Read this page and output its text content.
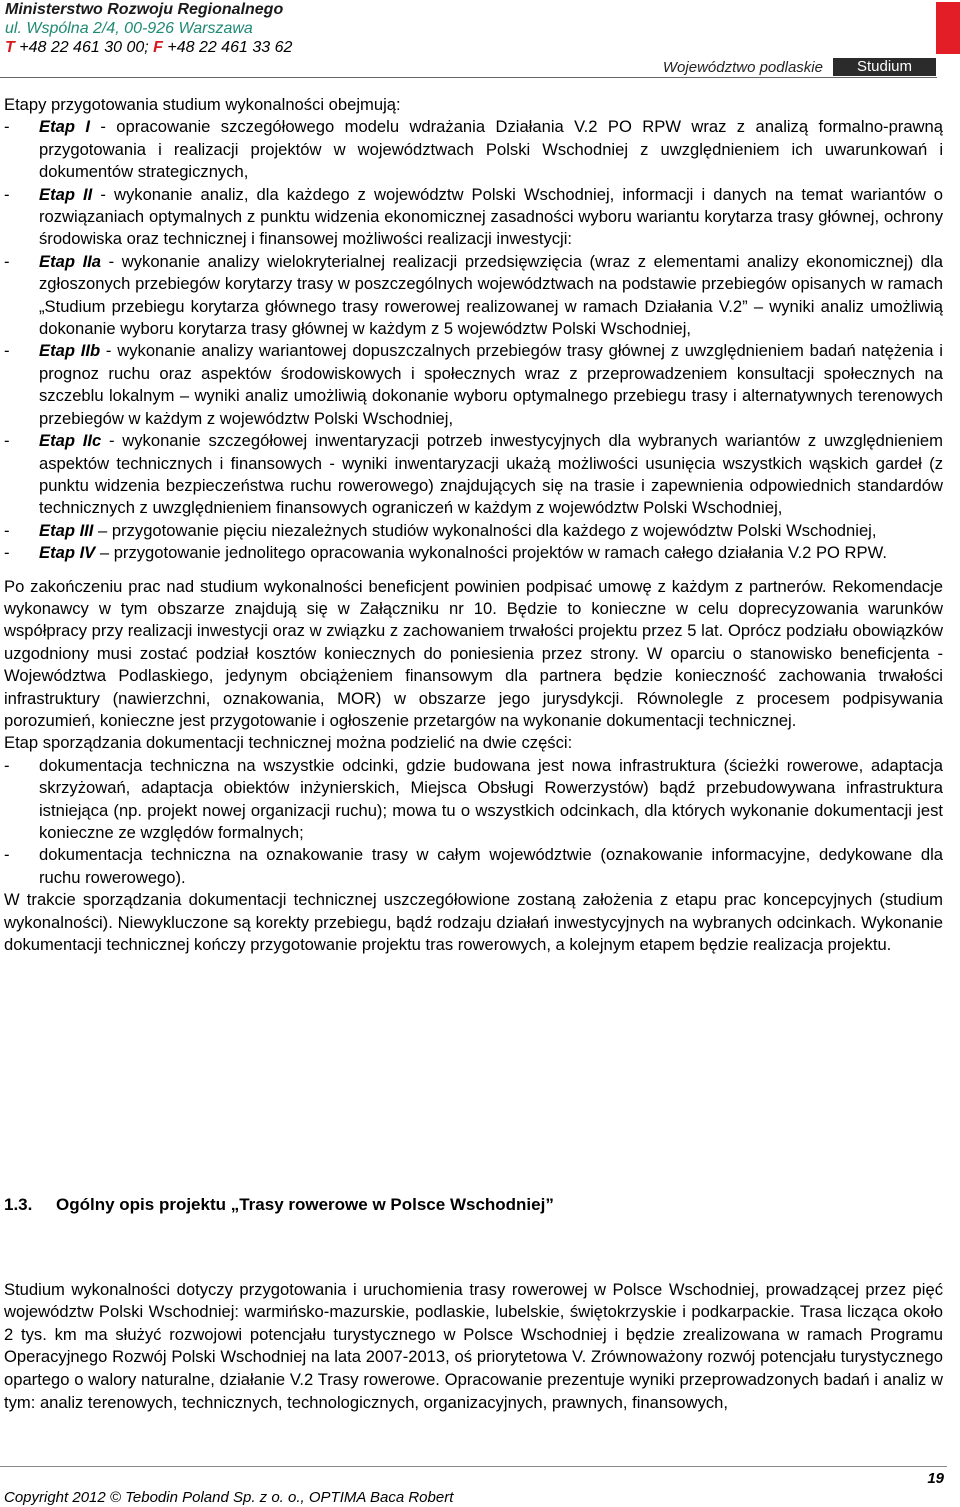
Ministerstwo Rozwoju Regionalnego
ul. Wspólna 2/4, 00-926 Warszawa
T +48 22 461 30 00; F +48 22 461 33 62
Województwo podlaskie	Studium

Etapy przygotowania studium wykonalności obejmują:

-	Etap I - opracowanie szczegółowego modelu wdrażania Działania V.2 PO RPW wraz z analizą formalno-prawną przygotowania i realizacji projektów w województwach Polski Wschodniej z uwzględnieniem ich uwarunkowań i dokumentów strategicznych,
-	Etap II - wykonanie analiz, dla każdego z województw Polski Wschodniej, informacji i danych na temat wariantów o rozwiązaniach optymalnych z punktu widzenia ekonomicznej zasadności wyboru wariantu korytarza trasy głównej, ochrony środowiska oraz technicznej i finansowej możliwości realizacji inwestycji:
-	Etap IIa - wykonanie analizy wielokryterialnej realizacji przedsięwzięcia (wraz z elementami analizy ekonomicznej) dla zgłoszonych przebiegów korytarzy trasy w poszczególnych województwach na podstawie przebiegów opisanych w ramach „Studium przebiegu korytarza głównego trasy rowerowej realizowanej w ramach Działania V.2” – wyniki analiz umożliwią dokonanie wyboru korytarza trasy głównej w każdym z 5 województw Polski Wschodniej,
-	Etap IIb - wykonanie analizy wariantowej dopuszczalnych przebiegów trasy głównej z uwzględnieniem badań natężenia i prognoz ruchu oraz aspektów środowiskowych i społecznych wraz z przeprowadzeniem konsultacji społecznych na szczeblu lokalnym – wyniki analiz umożliwią dokonanie wyboru optymalnego przebiegu trasy i alternatywnych terenowych przebiegów w każdym z województw Polski Wschodniej,
-	Etap IIc - wykonanie szczegółowej inwentaryzacji potrzeb inwestycyjnych dla wybranych wariantów z uwzględnieniem aspektów technicznych i finansowych - wyniki inwentaryzacji ukażą możliwości usunięcia wszystkich wąskich gardeł (z punktu widzenia bezpieczeństwa ruchu rowerowego) znajdujących się na trasie i zapewnienia odpowiednich standardów technicznych z uwzględnieniem finansowych ograniczeń w każdym z województw Polski Wschodniej,
-	Etap III – przygotowanie pięciu niezależnych studiów wykonalności dla każdego z województw Polski Wschodniej,
-	Etap IV – przygotowanie jednolitego opracowania wykonalności projektów w ramach całego działania V.2 PO RPW.

Po zakończeniu prac nad studium wykonalności beneficjent powinien podpisać umowę z każdym z partnerów. Rekomendacje wykonawcy w tym obszarze znajdują się w Załączniku nr 10. Będzie to konieczne w celu doprecyzowania warunków współpracy przy realizacji inwestycji oraz w związku z zachowaniem trwałości projektu przez 5 lat. Oprócz podziału obowiązków uzgodniony musi zostać podział kosztów koniecznych do poniesienia przez strony. W oparciu o stanowisko beneficjenta - Województwa Podlaskiego, jedynym obciążeniem finansowym dla partnera będzie konieczność zachowania trwałości infrastruktury (nawierzchni, oznakowania, MOR) w obszarze jego jurysdykcji. Równolegle z procesem podpisywania porozumień, konieczne jest przygotowanie i ogłoszenie przetargów na wykonanie dokumentacji technicznej.

Etap sporządzania dokumentacji technicznej można podzielić na dwie części:

-	dokumentacja techniczna na wszystkie odcinki, gdzie budowana jest nowa infrastruktura (ścieżki rowerowe, adaptacja skrzyżowań, adaptacja obiektów inżynierskich, Miejsca Obsługi Rowerzystów) bądź przebudowywana infrastruktura istniejąca (np. projekt nowej organizacji ruchu); mowa tu o wszystkich odcinkach, dla których wykonanie dokumentacji jest konieczne ze względów formalnych;
-	dokumentacja techniczna na oznakowanie trasy w całym województwie (oznakowanie informacyjne, dedykowane dla ruchu rowerowego).

W trakcie sporządzania dokumentacji technicznej uszczegółowione zostaną założenia z etapu prac koncepcyjnych (studium wykonalności). Niewykluczone są korekty przebiegu, bądź rodzaju działań inwestycyjnych na wybranych odcinkach. Wykonanie dokumentacji technicznej kończy przygotowanie projektu tras rowerowych, a kolejnym etapem będzie realizacja projektu.

1.3. Ogólny opis projektu „Trasy rowerowe w Polsce Wschodniej”

Studium wykonalności dotyczy przygotowania i uruchomienia trasy rowerowej w Polsce Wschodniej, prowadzącej przez pięć województw Polski Wschodniej: warmińsko-mazurskie, podlaskie, lubelskie, świętokrzyskie i podkarpackie. Trasa licząca około 2 tys. km ma służyć rozwojowi potencjału turystycznego w Polsce Wschodniej i będzie zrealizowana w ramach Programu Operacyjnego Rozwój Polski Wschodniej na lata 2007-2013, oś priorytetowa V. Zrównoważony rozwój potencjału turystycznego opartego o walory naturalne, działanie V.2 Trasy rowerowe. Opracowanie prezentuje wyniki przeprowadzonych badań i analiz w tym: analiz terenowych, technicznych, technologicznych, organizacyjnych, prawnych, finansowych,

Copyright 2012 © Tebodin Poland Sp. z o. o., OPTIMA Baca Robert
19
